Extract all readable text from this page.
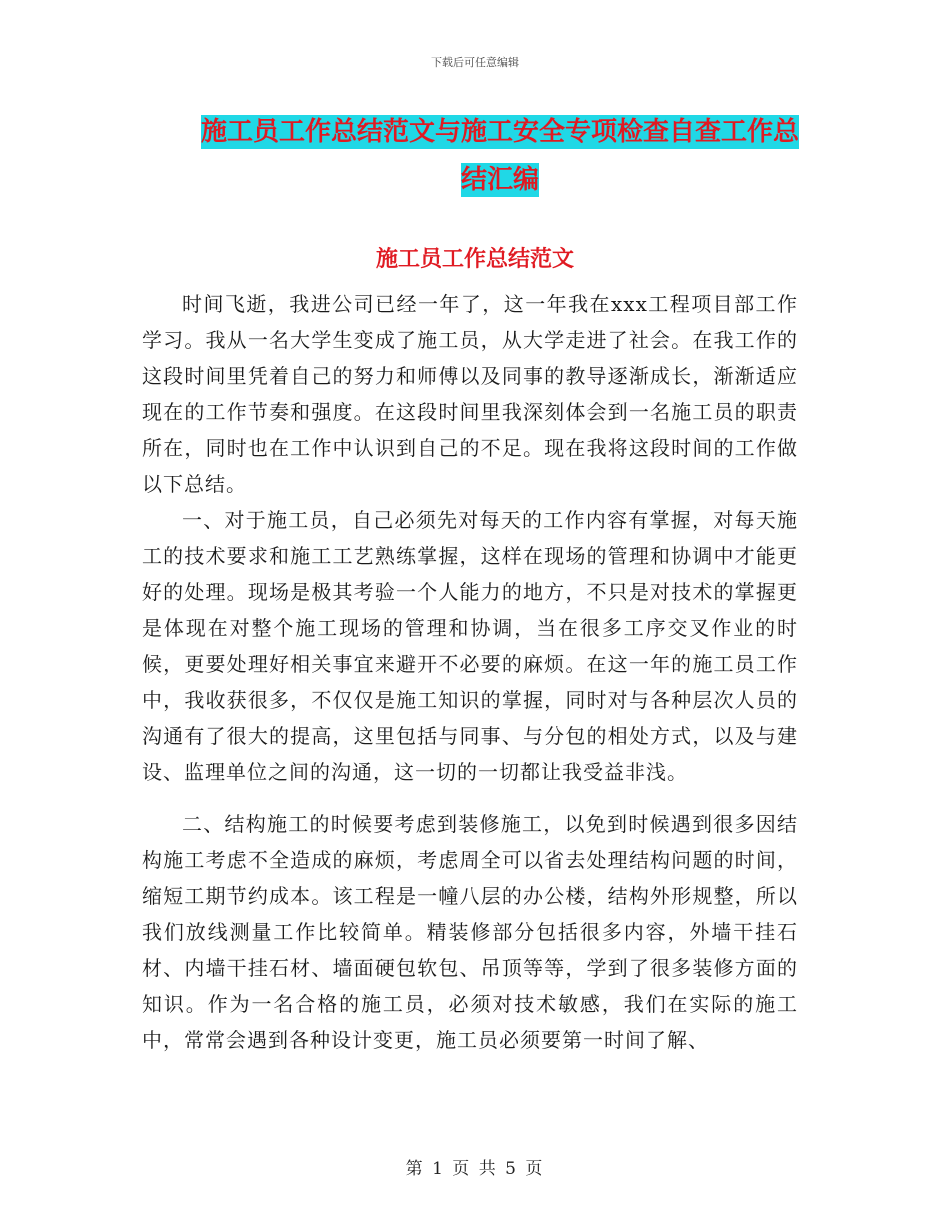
下载后可任意编辑
施工员工作总结范文与施工安全专项检查自查工作总
结汇编
施工员工作总结范文

时间飞逝，我进公司已经一年了，这一年我在xxx工程项目部工作学习。我从一名大学生变成了施工员，从大学走进了社会。在我工作的这段时间里凭着自己的努力和师傅以及同事的教导逐渐成长，渐渐适应现在的工作节奏和强度。在这段时间里我深刻体会到一名施工员的职责所在，同时也在工作中认识到自己的不足。现在我将这段时间的工作做以下总结。

一、对于施工员，自己必须先对每天的工作内容有掌握，对每天施工的技术要求和施工工艺熟练掌握，这样在现场的管理和协调中才能更好的处理。现场是极其考验一个人能力的地方，不只是对技术的掌握更是体现在对整个施工现场的管理和协调，当在很多工序交叉作业的时候，更要处理好相关事宜来避开不必要的麻烦。在这一年的施工员工作中，我收获很多，不仅仅是施工知识的掌握，同时对与各种层次人员的沟通有了很大的提高，这里包括与同事、与分包的相处方式，以及与建设、监理单位之间的沟通，这一切的一切都让我受益非浅。

二、结构施工的时候要考虑到装修施工，以免到时候遇到很多因结构施工考虑不全造成的麻烦，考虑周全可以省去处理结构问题的时间，缩短工期节约成本。该工程是一幢八层的办公楼，结构外形规整，所以我们放线测量工作比较简单。精装修部分包括很多内容，外墙干挂石材、内墙干挂石材、墙面硬包软包、吊顶等等，学到了很多装修方面的知识。作为一名合格的施工员，必须对技术敏感，我们在实际的施工中，常常会遇到各种设计变更，施工员必须要第一时间了解、

第 1 页 共 5 页
